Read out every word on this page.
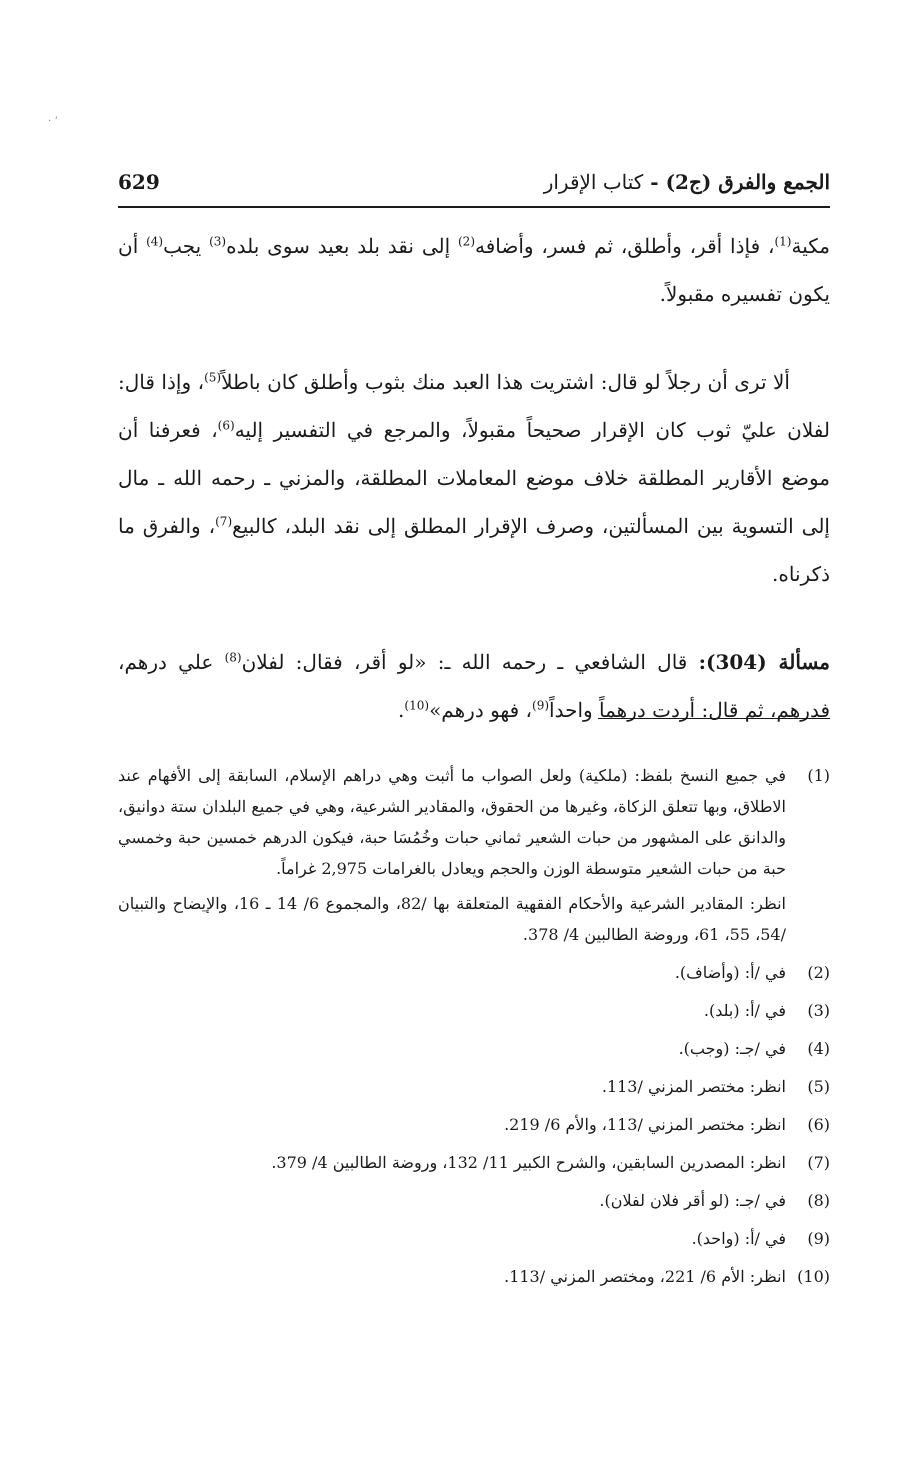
· ʼ
الجمع والفرق (ج2) - كتاب الإقرار
629

مكية$^{(1)}$، فإذا أقر، وأطلق، ثم فسر، وأضافه$^{(2)}$ إلى نقد بلد بعيد سوى بلده$^{(3)}$ يجب$^{(4)}$ أن يكون تفسيره مقبولاً.

ألا ترى أن رجلاً لو قال: اشتريت هذا العبد منك بثوب وأطلق كان باطلاً$^{(5)}$، وإذا قال: لفلان عليّ ثوب كان الإقرار صحيحاً مقبولاً، والمرجع في التفسير إليه$^{(6)}$، فعرفنا أن موضع الأقارير المطلقة خلاف موضع المعاملات المطلقة، والمزني ـ رحمه الله ـ مال إلى التسوية بين المسألتين، وصرف الإقرار المطلق إلى نقد البلد، كالبيع$^{(7)}$، والفرق ما ذكرناه.

مسألة (304): قال الشافعي ـ رحمه الله ـ: «لو أقر، فقال: لفلان$^{(8)}$ علي درهم، فدرهم، ثم قال: أردت درهماً واحداً$^{(9)}$، فهو درهم»$^{(10)}$.

(1)

في جميع النسخ بلفظ: (ملكية) ولعل الصواب ما أثبت وهي دراهم الإسلام، السابقة إلى الأفهام عند الاطلاق، وبها تتعلق الزكاة، وغيرها من الحقوق، والمقادير الشرعية، وهي في جميع البلدان ستة دوانيق، والدانق على المشهور من حبات الشعير ثماني حبات وخُمُسَا حبة، فيكون الدرهم خمسين حبة وخمسي حبة من حبات الشعير متوسطة الوزن والحجم ويعادل بالغرامات 2,975 غراماً.

انظر: المقادير الشرعية والأحكام الفقهية المتعلقة بها /82، والمجموع 6/ 14 ـ 16، والإيضاح والتبيان /54، 55، 61، وروضة الطالبين 4/ 378.

(2)

في /أ: (وأضاف).

(3)

في /أ: (بلد).

(4)

في /جـ: (وجب).

(5)

انظر: مختصر المزني /113.

(6)

انظر: مختصر المزني /113، والأم 6/ 219.

(7)

انظر: المصدرين السابقين، والشرح الكبير 11/ 132، وروضة الطالبين 4/ 379.

(8)

في /جـ: (لو أقر فلان لفلان).

(9)

في /أ: (واحد).

(10)

انظر: الأم 6/ 221، ومختصر المزني /113.
